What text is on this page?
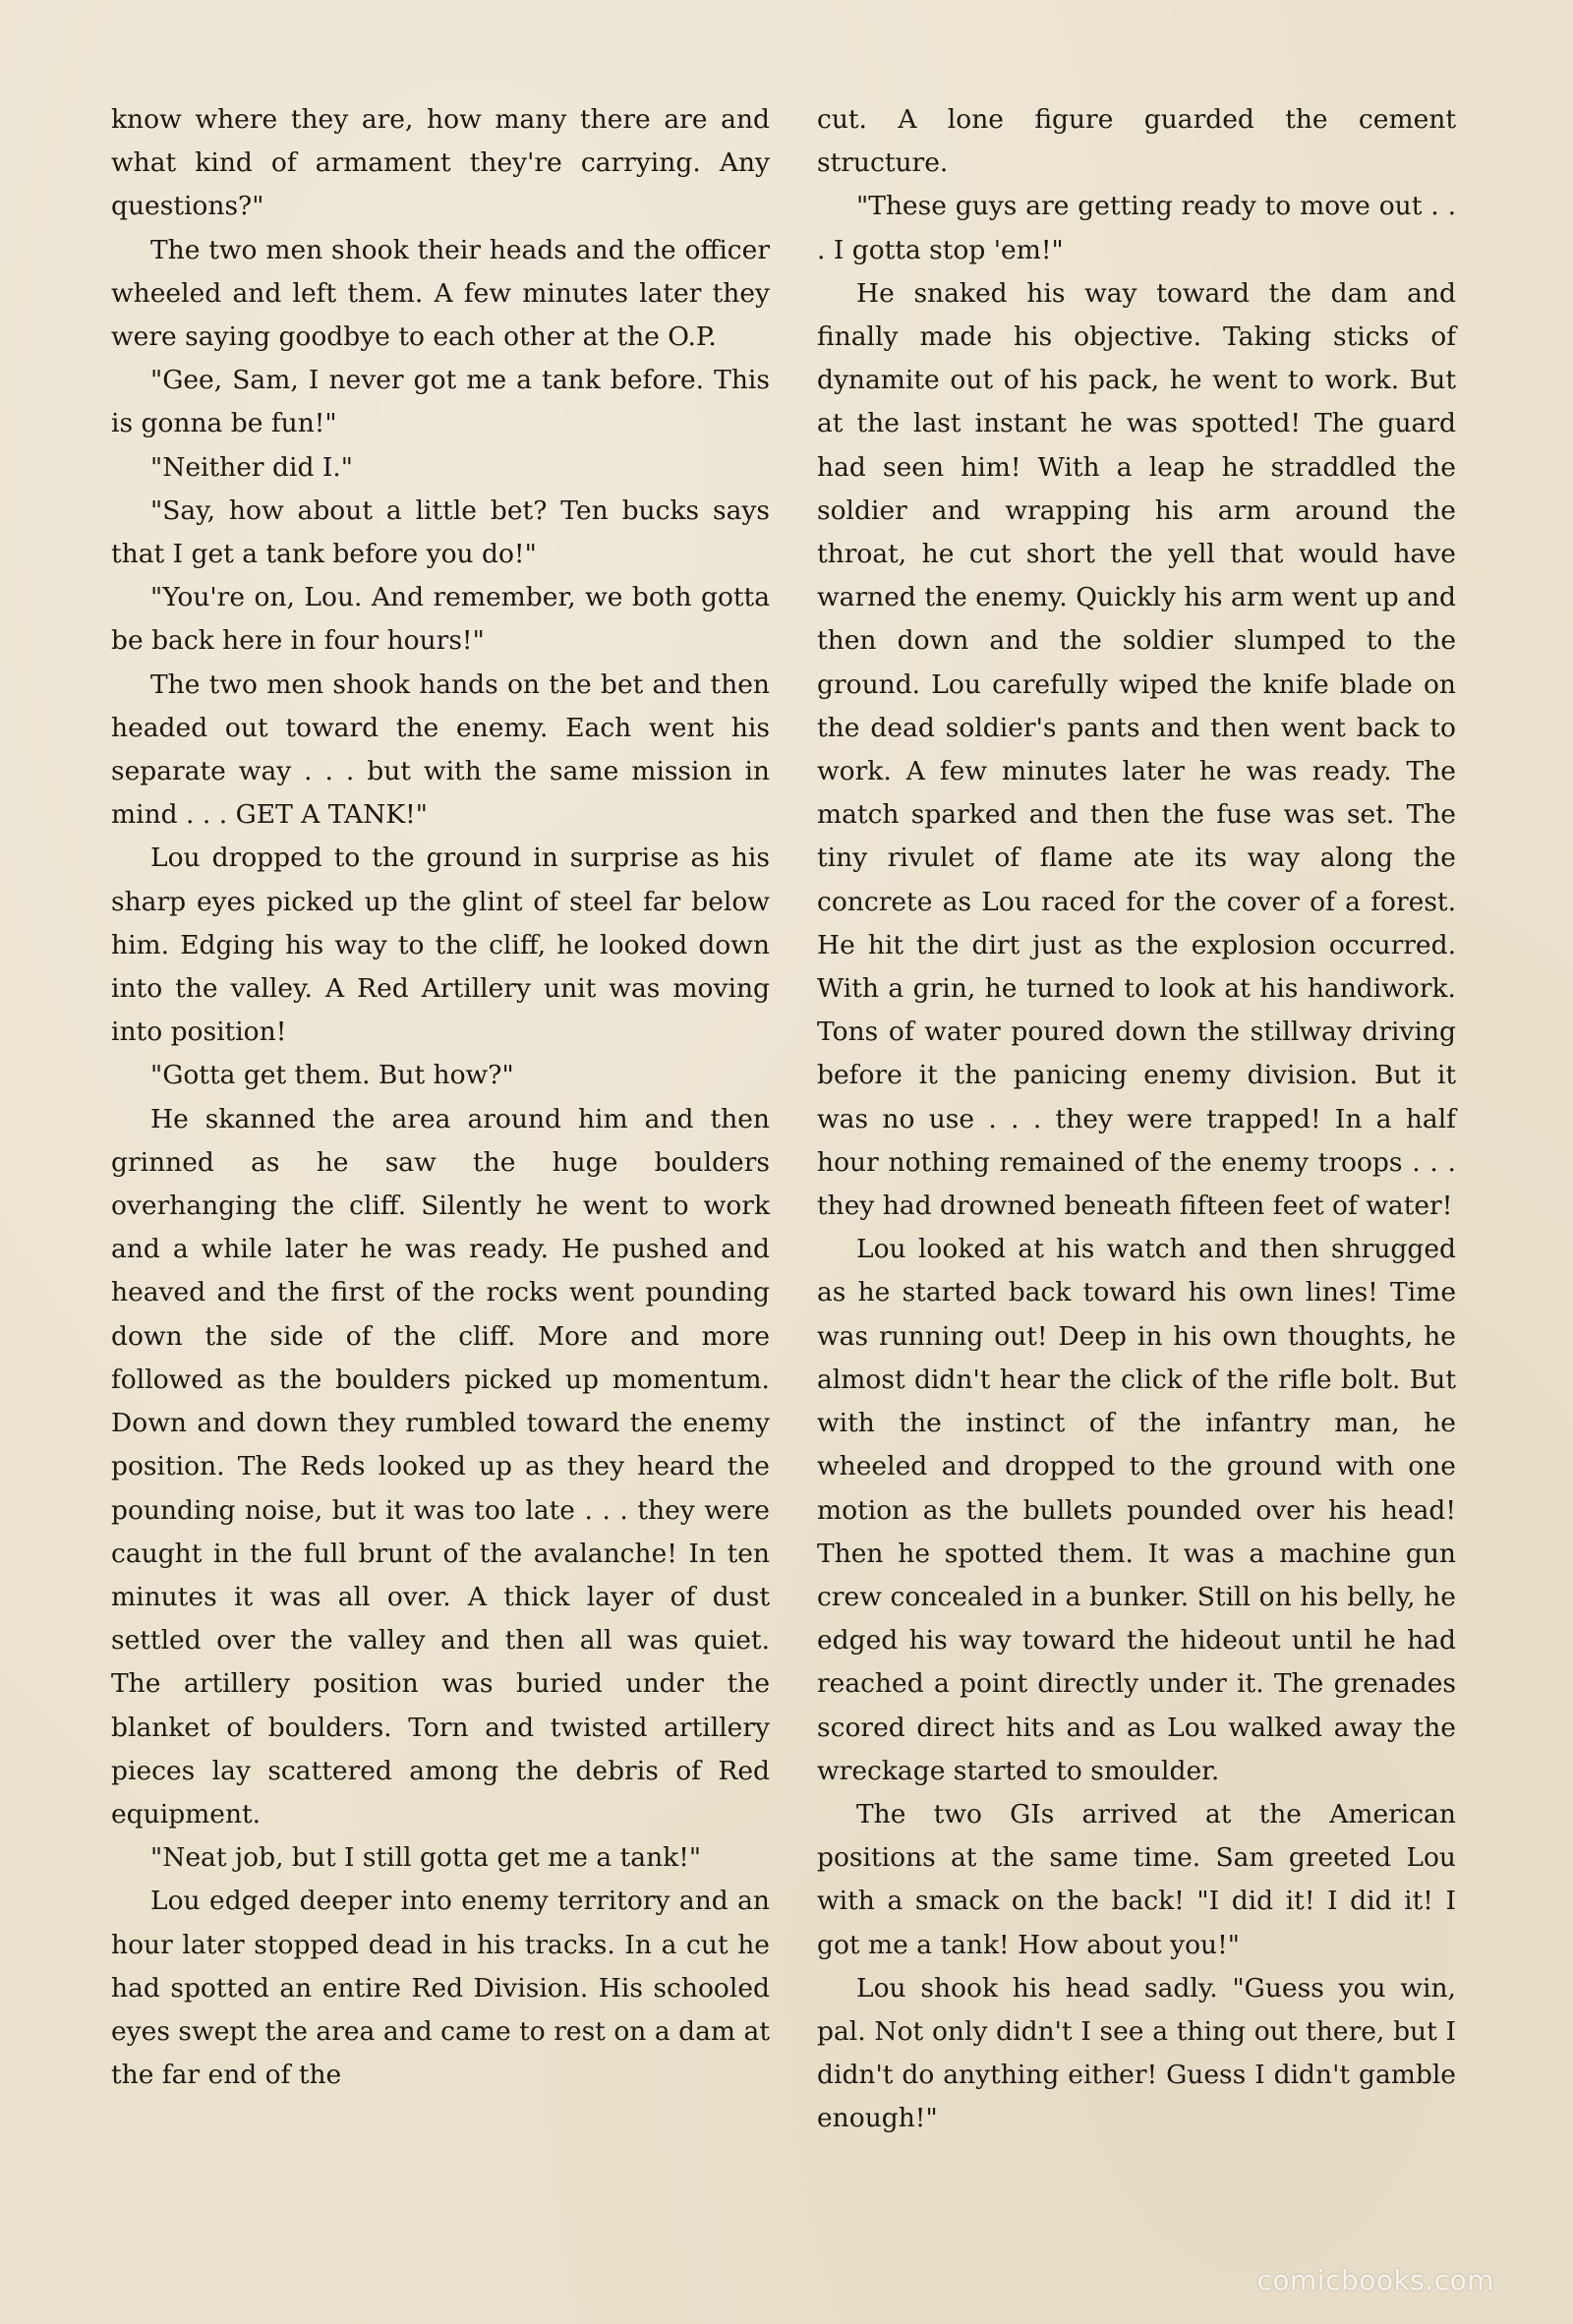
know where they are, how many there are and what kind of armament they're carrying. Any questions?"

The two men shook their heads and the officer wheeled and left them. A few minutes later they were saying goodbye to each other at the O.P.

"Gee, Sam, I never got me a tank before. This is gonna be fun!"

"Neither did I."

"Say, how about a little bet? Ten bucks says that I get a tank before you do!"

"You're on, Lou. And remember, we both gotta be back here in four hours!"

The two men shook hands on the bet and then headed out toward the enemy. Each went his separate way . . . but with the same mission in mind . . . GET A TANK!"

Lou dropped to the ground in surprise as his sharp eyes picked up the glint of steel far below him. Edging his way to the cliff, he looked down into the valley. A Red Artillery unit was moving into position!

"Gotta get them. But how?"

He skanned the area around him and then grinned as he saw the huge boulders overhanging the cliff. Silently he went to work and a while later he was ready. He pushed and heaved and the first of the rocks went pounding down the side of the cliff. More and more followed as the boulders picked up momentum. Down and down they rumbled toward the enemy position. The Reds looked up as they heard the pounding noise, but it was too late . . . they were caught in the full brunt of the avalanche! In ten minutes it was all over. A thick layer of dust settled over the valley and then all was quiet. The artillery position was buried under the blanket of boulders. Torn and twisted artillery pieces lay scattered among the debris of Red equipment.

"Neat job, but I still gotta get me a tank!"

Lou edged deeper into enemy territory and an hour later stopped dead in his tracks. In a cut he had spotted an entire Red Division. His schooled eyes swept the area and came to rest on a dam at the far end of the

cut. A lone figure guarded the cement structure.

"These guys are getting ready to move out . . . I gotta stop 'em!"

He snaked his way toward the dam and finally made his objective. Taking sticks of dynamite out of his pack, he went to work. But at the last instant he was spotted! The guard had seen him! With a leap he straddled the soldier and wrapping his arm around the throat, he cut short the yell that would have warned the enemy. Quickly his arm went up and then down and the soldier slumped to the ground. Lou carefully wiped the knife blade on the dead soldier's pants and then went back to work. A few minutes later he was ready. The match sparked and then the fuse was set. The tiny rivulet of flame ate its way along the concrete as Lou raced for the cover of a forest. He hit the dirt just as the explosion occurred. With a grin, he turned to look at his handiwork. Tons of water poured down the stillway driving before it the panicing enemy division. But it was no use . . . they were trapped! In a half hour nothing remained of the enemy troops . . . they had drowned beneath fifteen feet of water!

Lou looked at his watch and then shrugged as he started back toward his own lines! Time was running out! Deep in his own thoughts, he almost didn't hear the click of the rifle bolt. But with the instinct of the infantry man, he wheeled and dropped to the ground with one motion as the bullets pounded over his head! Then he spotted them. It was a machine gun crew concealed in a bunker. Still on his belly, he edged his way toward the hideout until he had reached a point directly under it. The grenades scored direct hits and as Lou walked away the wreckage started to smoulder.

The two GIs arrived at the American positions at the same time. Sam greeted Lou with a smack on the back! "I did it! I did it! I got me a tank! How about you!"

Lou shook his head sadly. "Guess you win, pal. Not only didn't I see a thing out there, but I didn't do anything either! Guess I didn't gamble enough!"

comicbooks.com
